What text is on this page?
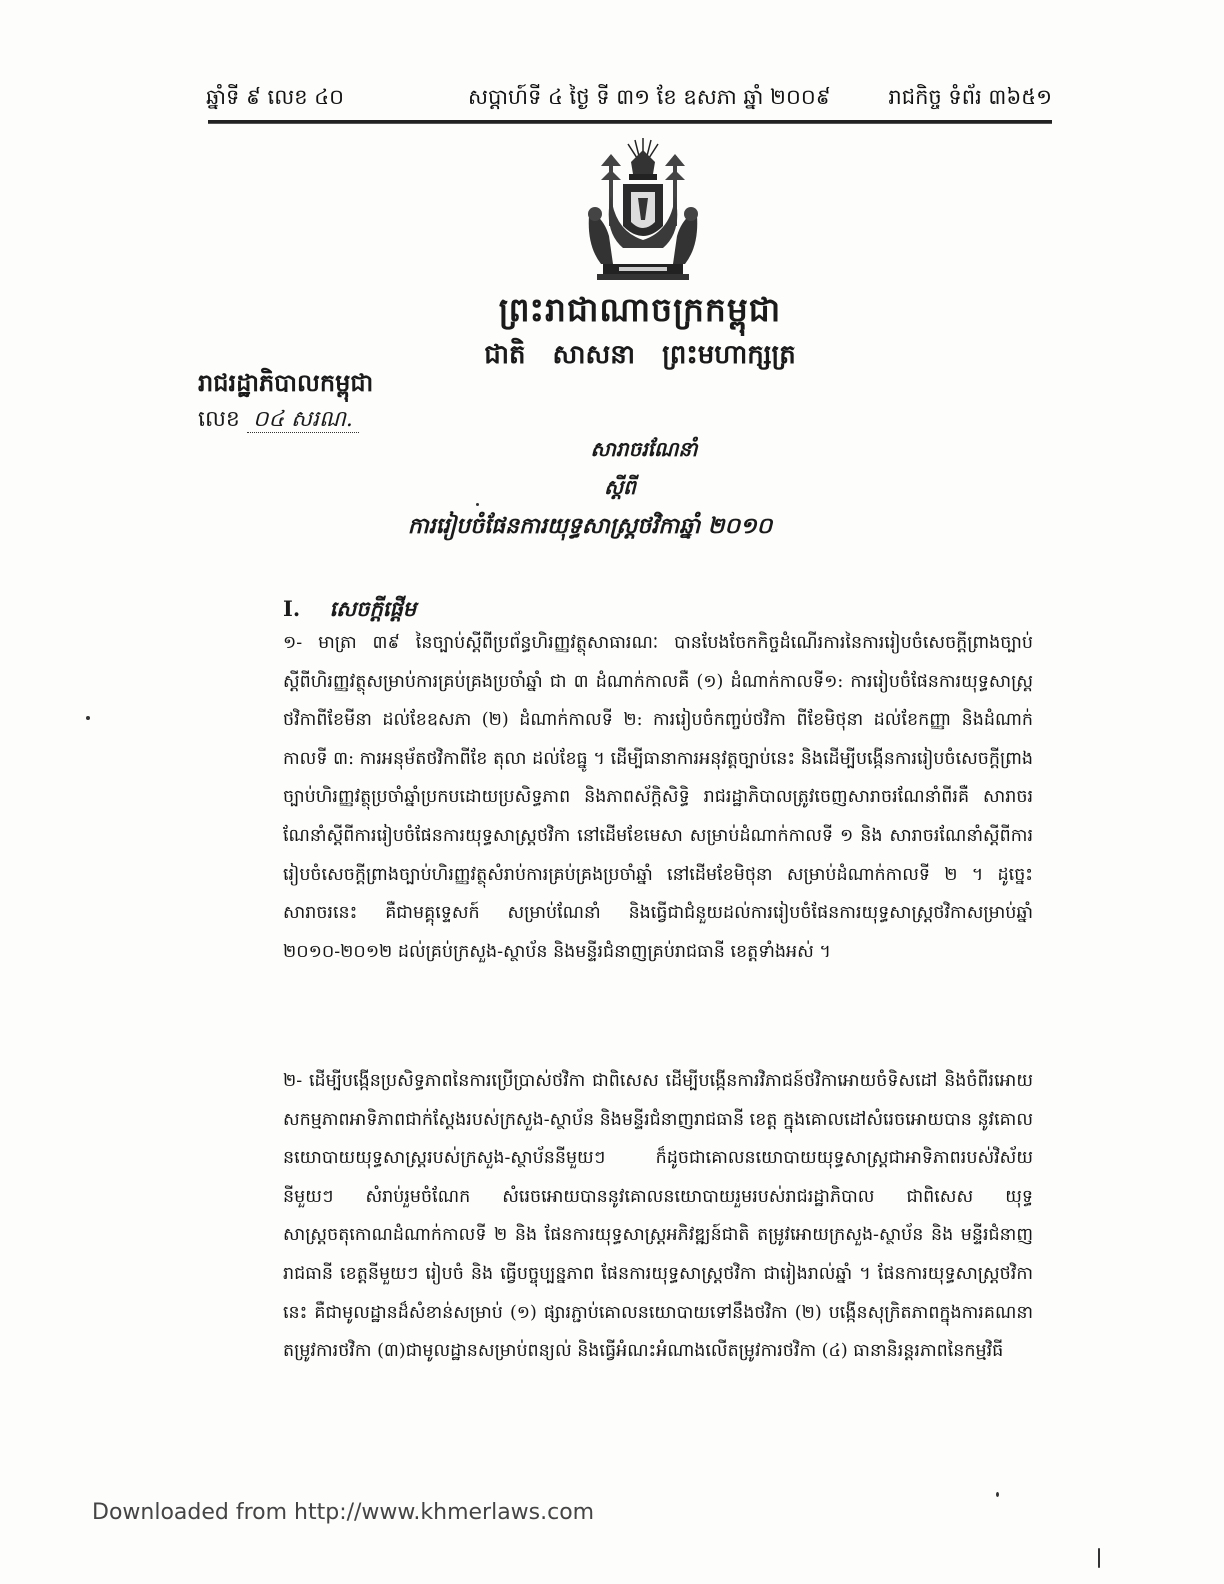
ឆ្នាំទី ៩ លេខ ៤០	សប្តាហ៍ទី ៤ ថ្ងៃ ទី ៣១ ខែ ឧសភា ឆ្នាំ ២០០៩	រាជកិច្ច ទំព័រ ៣៦៥១
ព្រះរាជាណាចក្រកម្ពុជា
ជាតិ សាសនា ព្រះមហាក្សត្រ
រាជរដ្ឋាភិបាលកម្ពុជា
លេខ ០៤ សរណ.
សារាចរណែនាំ
ស្តីពី
ការរៀបចំផែនការយុទ្ធសាស្ត្រថវិកាឆ្នាំ ២០១០
I. សេចក្តីផ្តើម
១- មាត្រា ៣៩ នៃច្បាប់ស្តីពីប្រព័ន្ធហិរញ្ញវត្ថុសាធារណៈ បានបែងចែកកិច្ចដំណើរការនៃការរៀបចំសេចក្តីព្រាងច្បាប់ស្តីពីហិរញ្ញវត្ថុសម្រាប់ការគ្រប់គ្រងប្រចាំឆ្នាំ ជា ៣ ដំណាក់កាលគឺ (១) ដំណាក់កាលទី១: ការរៀបចំផែនការយុទ្ធសាស្ត្រថវិកាពីខែមីនា ដល់ខែឧសភា (២) ដំណាក់កាលទី ២: ការរៀបចំកញ្ចប់ថវិកា ពីខែមិថុនា ដល់ខែកញ្ញា និងដំណាក់កាលទី ៣: ការអនុម័តថវិកាពីខែ តុលា ដល់ខែធ្នូ ។ ដើម្បីធានាការអនុវត្តច្បាប់នេះ និងដើម្បីបង្កើនការរៀបចំសេចក្តីព្រាងច្បាប់ហិរញ្ញវត្ថុប្រចាំឆ្នាំប្រកបដោយប្រសិទ្ធភាព និងភាពស័ក្តិសិទ្ធិ រាជរដ្ឋាភិបាលត្រូវចេញសារាចរណែនាំពីរគឺ សារាចរណែនាំស្តីពីការរៀបចំផែនការយុទ្ធសាស្ត្រថវិកា នៅដើមខែមេសា សម្រាប់ដំណាក់កាលទី ១ និង សារាចរណែនាំស្តីពីការរៀបចំសេចក្តីព្រាងច្បាប់ហិរញ្ញវត្ថុសំរាប់ការគ្រប់គ្រងប្រចាំឆ្នាំ នៅដើមខែមិថុនា សម្រាប់ដំណាក់កាលទី ២ ។ ដូច្នេះ សារាចរនេះ គឺជាមគ្គុទ្ទេសក៍ សម្រាប់ណែនាំ និងធ្វើជាជំនួយដល់ការរៀបចំផែនការយុទ្ធសាស្ត្រថវិកាសម្រាប់ឆ្នាំ ២០១០-២០១២ ដល់គ្រប់ក្រសួង-ស្ថាប័ន និងមន្ទីរជំនាញគ្រប់រាជធានី ខេត្តទាំងអស់ ។
២- ដើម្បីបង្កើនប្រសិទ្ធភាពនៃការប្រើប្រាស់ថវិកា ជាពិសេស ដើម្បីបង្កើនការវិភាជន៍ថវិកាអោយចំទិសដៅ និងចំពីរអោយសកម្មភាពអាទិភាពជាក់ស្តែងរបស់ក្រសួង-ស្ថាប័ន និងមន្ទីរជំនាញរាជធានី ខេត្ត ក្នុងគោលដៅសំរេចអោយបាន នូវគោលនយោបាយយុទ្ធសាស្ត្ររបស់ក្រសួង-ស្ថាប័ននីមួយៗ ក៏ដូចជាគោលនយោបាយយុទ្ធសាស្ត្រជាអាទិភាពរបស់វិស័យនីមួយៗ សំរាប់រួមចំណែក សំរេចអោយបាននូវគោលនយោបាយរួមរបស់រាជរដ្ឋាភិបាល ជាពិសេស យុទ្ធសាស្ត្រចតុកោណដំណាក់កាលទី ២ និង ផែនការយុទ្ធសាស្ត្រអភិវឌ្ឍន៍ជាតិ តម្រូវអោយក្រសួង-ស្ថាប័ន និង មន្ទីរជំនាញរាជធានី ខេត្តនីមួយៗ រៀបចំ និង ធ្វើបច្ចុប្បន្នភាព ផែនការយុទ្ធសាស្ត្រថវិកា ជារៀងរាល់ឆ្នាំ ។ ផែនការយុទ្ធសាស្ត្រថវិកានេះ គឺជាមូលដ្ឋានដ៏សំខាន់សម្រាប់ (១) ផ្សារភ្ជាប់គោលនយោបាយទៅនឹងថវិកា (២) បង្កើនសុក្រិតភាពក្នុងការគណនាតម្រូវការថវិកា (៣)ជាមូលដ្ឋានសម្រាប់ពន្យល់ និងធ្វើអំណះអំណាងលើតម្រូវការថវិកា (៤) ធានានិរន្តរភាពនៃកម្មវិធី
Downloaded from http://www.khmerlaws.com
